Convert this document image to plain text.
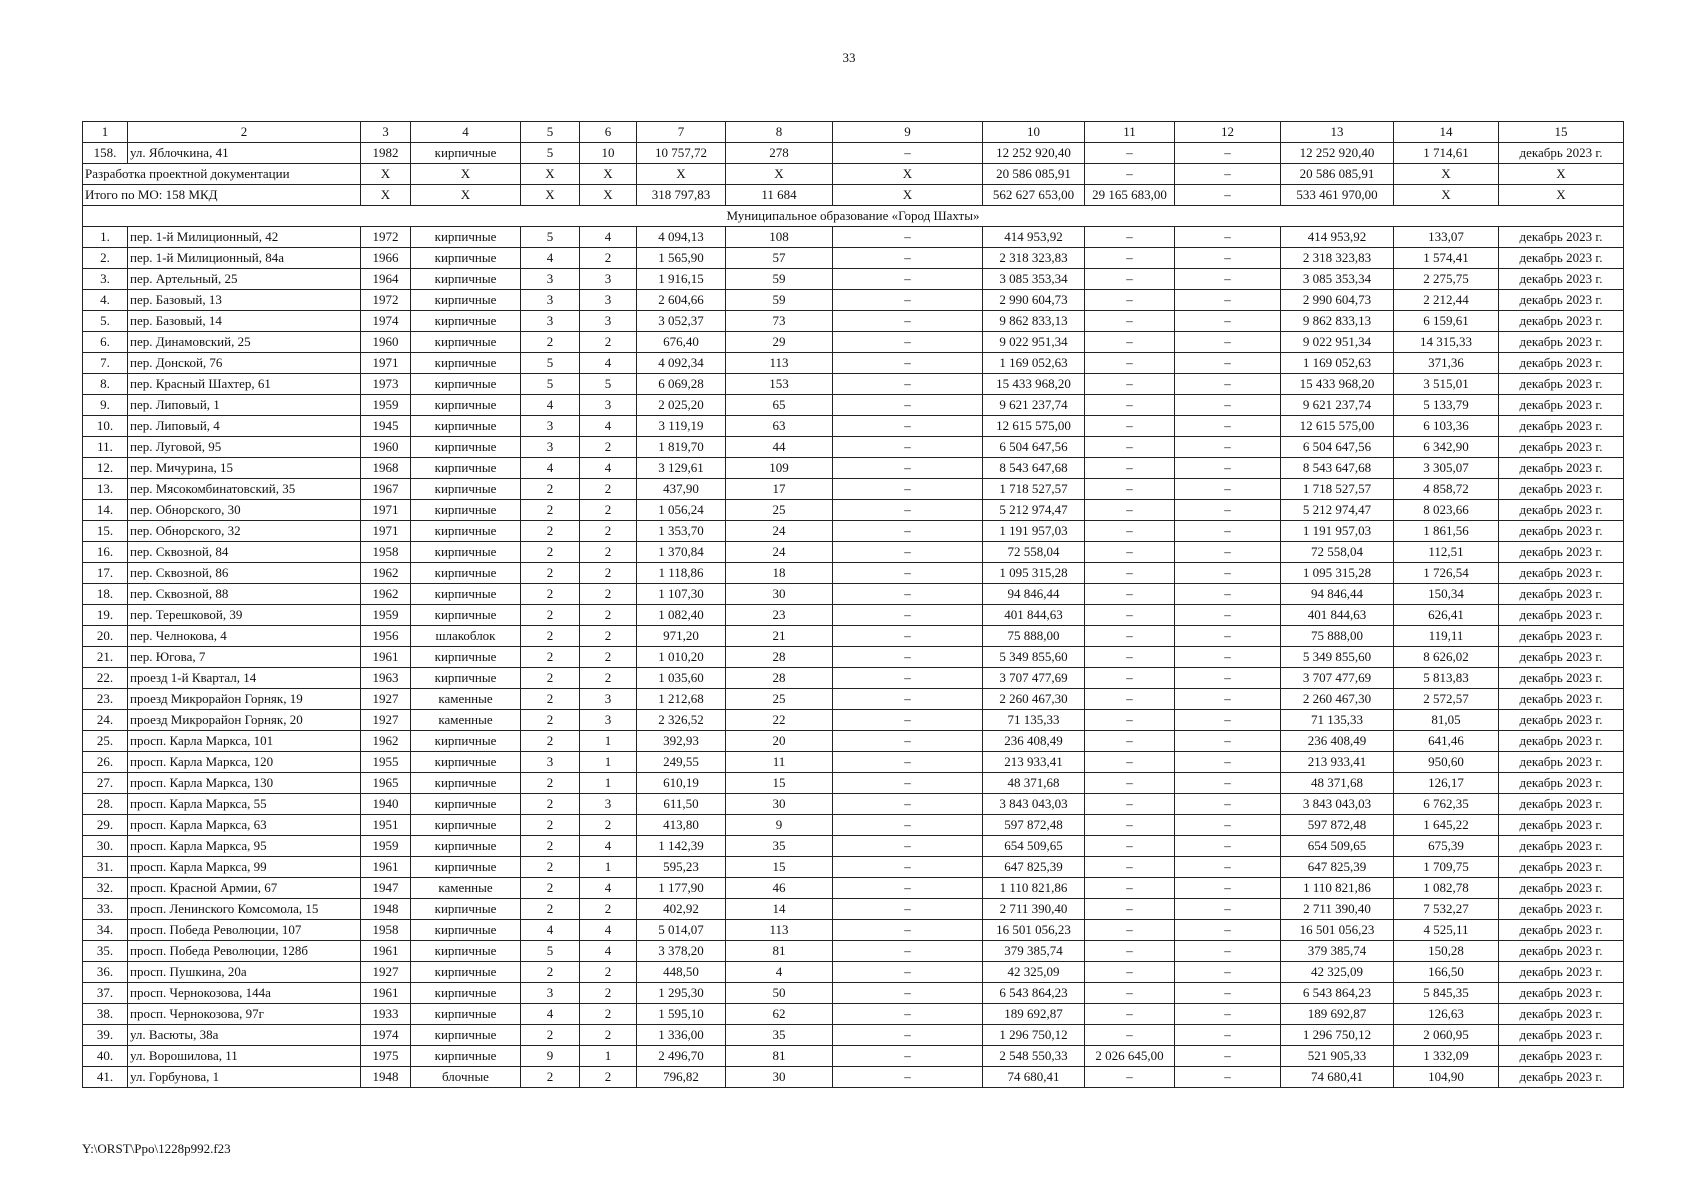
33
1	2	3	4	5	6	7	8	9	10	11	12	13	14	15
158.	ул. Яблочкина, 41	1982	кирпичные	5	10	10 757,72	278	–	12 252 920,40	–	–	12 252 920,40	1 714,61	декабрь 2023 г.
Разработка проектной документации		X	X	X	X	X	X	X	20 586 085,91	–	–	20 586 085,91	X	X
Итого по МО: 158 МКД		X	X	X	X	318 797,83	11 684	X	562 627 653,00	29 165 683,00	–	533 461 970,00	X	X
Муниципальное образование «Город Шахты»														
1.	пер. 1-й Милиционный, 42	1972	кирпичные	5	4	4 094,13	108	–	414 953,92	–	–	414 953,92	133,07	декабрь 2023 г.
2.	пер. 1-й Милиционный, 84а	1966	кирпичные	4	2	1 565,90	57	–	2 318 323,83	–	–	2 318 323,83	1 574,41	декабрь 2023 г.
3.	пер. Артельный, 25	1964	кирпичные	3	3	1 916,15	59	–	3 085 353,34	–	–	3 085 353,34	2 275,75	декабрь 2023 г.
4.	пер. Базовый, 13	1972	кирпичные	3	3	2 604,66	59	–	2 990 604,73	–	–	2 990 604,73	2 212,44	декабрь 2023 г.
5.	пер. Базовый, 14	1974	кирпичные	3	3	3 052,37	73	–	9 862 833,13	–	–	9 862 833,13	6 159,61	декабрь 2023 г.
6.	пер. Динамовский, 25	1960	кирпичные	2	2	676,40	29	–	9 022 951,34	–	–	9 022 951,34	14 315,33	декабрь 2023 г.
7.	пер. Донской, 76	1971	кирпичные	5	4	4 092,34	113	–	1 169 052,63	–	–	1 169 052,63	371,36	декабрь 2023 г.
8.	пер. Красный Шахтер, 61	1973	кирпичные	5	5	6 069,28	153	–	15 433 968,20	–	–	15 433 968,20	3 515,01	декабрь 2023 г.
9.	пер. Липовый, 1	1959	кирпичные	4	3	2 025,20	65	–	9 621 237,74	–	–	9 621 237,74	5 133,79	декабрь 2023 г.
10.	пер. Липовый, 4	1945	кирпичные	3	4	3 119,19	63	–	12 615 575,00	–	–	12 615 575,00	6 103,36	декабрь 2023 г.
11.	пер. Луговой, 95	1960	кирпичные	3	2	1 819,70	44	–	6 504 647,56	–	–	6 504 647,56	6 342,90	декабрь 2023 г.
12.	пер. Мичурина, 15	1968	кирпичные	4	4	3 129,61	109	–	8 543 647,68	–	–	8 543 647,68	3 305,07	декабрь 2023 г.
13.	пер. Мясокомбинатовский, 35	1967	кирпичные	2	2	437,90	17	–	1 718 527,57	–	–	1 718 527,57	4 858,72	декабрь 2023 г.
14.	пер. Обнорского, 30	1971	кирпичные	2	2	1 056,24	25	–	5 212 974,47	–	–	5 212 974,47	8 023,66	декабрь 2023 г.
15.	пер. Обнорского, 32	1971	кирпичные	2	2	1 353,70	24	–	1 191 957,03	–	–	1 191 957,03	1 861,56	декабрь 2023 г.
16.	пер. Сквозной, 84	1958	кирпичные	2	2	1 370,84	24	–	72 558,04	–	–	72 558,04	112,51	декабрь 2023 г.
17.	пер. Сквозной, 86	1962	кирпичные	2	2	1 118,86	18	–	1 095 315,28	–	–	1 095 315,28	1 726,54	декабрь 2023 г.
18.	пер. Сквозной, 88	1962	кирпичные	2	2	1 107,30	30	–	94 846,44	–	–	94 846,44	150,34	декабрь 2023 г.
19.	пер. Терешковой, 39	1959	кирпичные	2	2	1 082,40	23	–	401 844,63	–	–	401 844,63	626,41	декабрь 2023 г.
20.	пер. Челнокова, 4	1956	шлакоблок	2	2	971,20	21	–	75 888,00	–	–	75 888,00	119,11	декабрь 2023 г.
21.	пер. Югова, 7	1961	кирпичные	2	2	1 010,20	28	–	5 349 855,60	–	–	5 349 855,60	8 626,02	декабрь 2023 г.
22.	проезд 1-й Квартал, 14	1963	кирпичные	2	2	1 035,60	28	–	3 707 477,69	–	–	3 707 477,69	5 813,83	декабрь 2023 г.
23.	проезд Микрорайон Горняк, 19	1927	каменные	2	3	1 212,68	25	–	2 260 467,30	–	–	2 260 467,30	2 572,57	декабрь 2023 г.
24.	проезд Микрорайон Горняк, 20	1927	каменные	2	3	2 326,52	22	–	71 135,33	–	–	71 135,33	81,05	декабрь 2023 г.
25.	просп. Карла Маркса, 101	1962	кирпичные	2	1	392,93	20	–	236 408,49	–	–	236 408,49	641,46	декабрь 2023 г.
26.	просп. Карла Маркса, 120	1955	кирпичные	3	1	249,55	11	–	213 933,41	–	–	213 933,41	950,60	декабрь 2023 г.
27.	просп. Карла Маркса, 130	1965	кирпичные	2	1	610,19	15	–	48 371,68	–	–	48 371,68	126,17	декабрь 2023 г.
28.	просп. Карла Маркса, 55	1940	кирпичные	2	3	611,50	30	–	3 843 043,03	–	–	3 843 043,03	6 762,35	декабрь 2023 г.
29.	просп. Карла Маркса, 63	1951	кирпичные	2	2	413,80	9	–	597 872,48	–	–	597 872,48	1 645,22	декабрь 2023 г.
30.	просп. Карла Маркса, 95	1959	кирпичные	2	4	1 142,39	35	–	654 509,65	–	–	654 509,65	675,39	декабрь 2023 г.
31.	просп. Карла Маркса, 99	1961	кирпичные	2	1	595,23	15	–	647 825,39	–	–	647 825,39	1 709,75	декабрь 2023 г.
32.	просп. Красной Армии, 67	1947	каменные	2	4	1 177,90	46	–	1 110 821,86	–	–	1 110 821,86	1 082,78	декабрь 2023 г.
33.	просп. Ленинского Комсомола, 15	1948	кирпичные	2	2	402,92	14	–	2 711 390,40	–	–	2 711 390,40	7 532,27	декабрь 2023 г.
34.	просп. Победа Революции, 107	1958	кирпичные	4	4	5 014,07	113	–	16 501 056,23	–	–	16 501 056,23	4 525,11	декабрь 2023 г.
35.	просп. Победа Революции, 128б	1961	кирпичные	5	4	3 378,20	81	–	379 385,74	–	–	379 385,74	150,28	декабрь 2023 г.
36.	просп. Пушкина, 20а	1927	кирпичные	2	2	448,50	4	–	42 325,09	–	–	42 325,09	166,50	декабрь 2023 г.
37.	просп. Чернокозова, 144а	1961	кирпичные	3	2	1 295,30	50	–	6 543 864,23	–	–	6 543 864,23	5 845,35	декабрь 2023 г.
38.	просп. Чернокозова, 97г	1933	кирпичные	4	2	1 595,10	62	–	189 692,87	–	–	189 692,87	126,63	декабрь 2023 г.
39.	ул. Васюты, 38а	1974	кирпичные	2	2	1 336,00	35	–	1 296 750,12	–	–	1 296 750,12	2 060,95	декабрь 2023 г.
40.	ул. Ворошилова, 11	1975	кирпичные	9	1	2 496,70	81	–	2 548 550,33	2 026 645,00	–	521 905,33	1 332,09	декабрь 2023 г.
41.	ул. Горбунова, 1	1948	блочные	2	2	796,82	30	–	74 680,41	–	–	74 680,41	104,90	декабрь 2023 г.
Y:\ORST\Ppo\1228p992.f23
